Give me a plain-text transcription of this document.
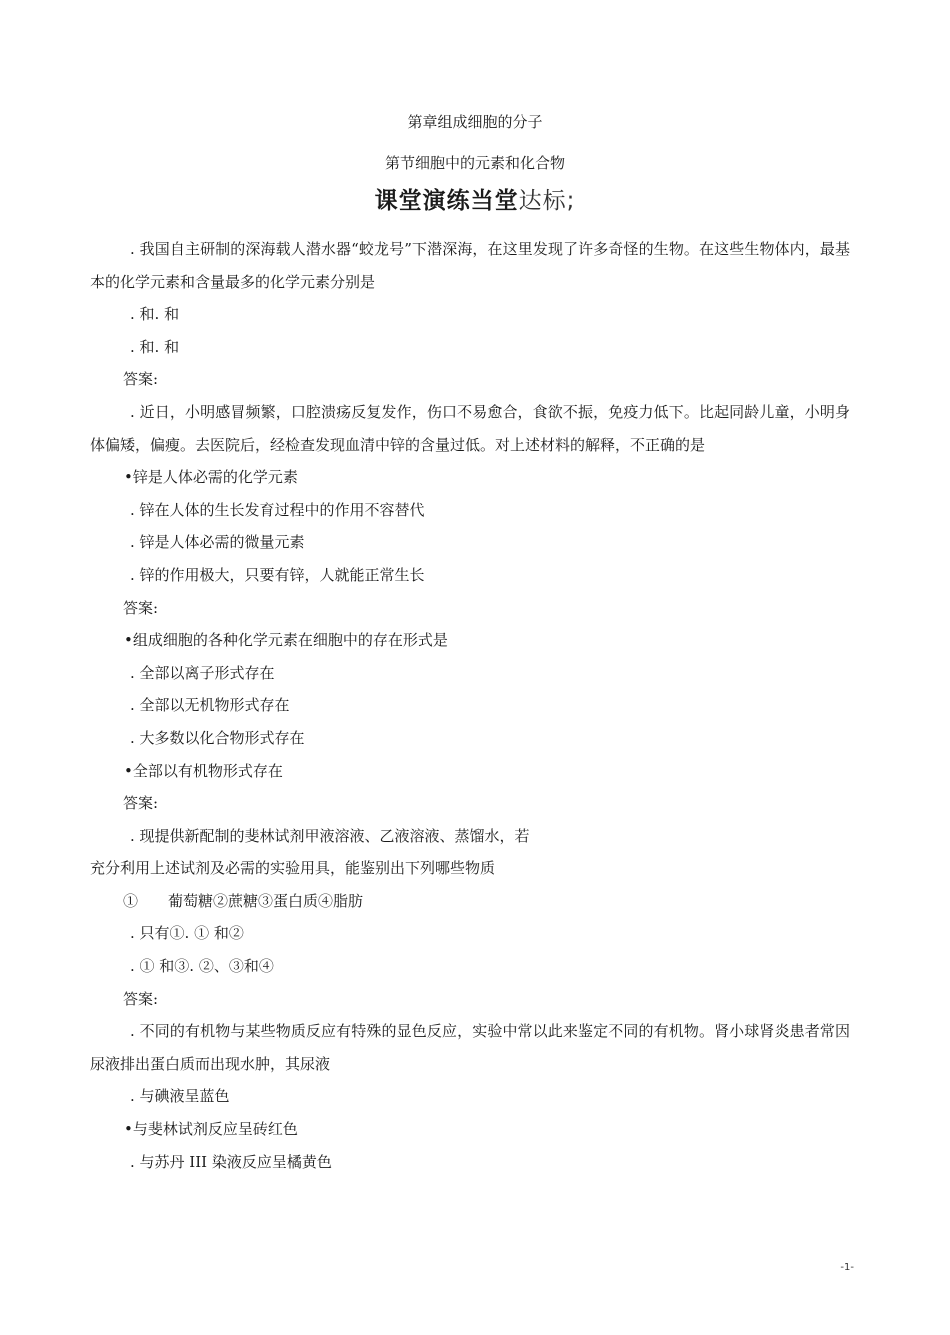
第章组成细胞的分子
第节细胞中的元素和化合物
课堂演练当堂达标;

. 我国自主研制的深海载人潜水器“蛟龙号”下潜深海，在这里发现了许多奇怪的生物。在这些生物体内，最基本的化学元素和含量最多的化学元素分别是

. 和. 和

. 和. 和

答案:

. 近日，小明感冒频繁，口腔溃疡反复发作，伤口不易愈合，食欲不振，免疫力低下。比起同龄儿童，小明身体偏矮，偏瘦。去医院后，经检查发现血清中锌的含量过低。对上述材料的解释，不正确的是

•锌是人体必需的化学元素

. 锌在人体的生长发育过程中的作用不容替代

. 锌是人体必需的微量元素

. 锌的作用极大，只要有锌，人就能正常生长

答案:

•组成细胞的各种化学元素在细胞中的存在形式是

. 全部以离子形式存在

. 全部以无机物形式存在

. 大多数以化合物形式存在

•全部以有机物形式存在

答案:

. 现提供新配制的斐林试剂甲液溶液、乙液溶液、蒸馏水，若

充分利用上述试剂及必需的实验用具，能鉴别出下列哪些物质

①　　葡萄糖②蔗糖③蛋白质④脂肪

. 只有①. ① 和②

. ① 和③. ②、③和④

答案:

. 不同的有机物与某些物质反应有特殊的显色反应，实验中常以此来鉴定不同的有机物。肾小球肾炎患者常因尿液排出蛋白质而出现水肿，其尿液

. 与碘液呈蓝色

•与斐林试剂反应呈砖红色

. 与苏丹 III 染液反应呈橘黄色

-1-
